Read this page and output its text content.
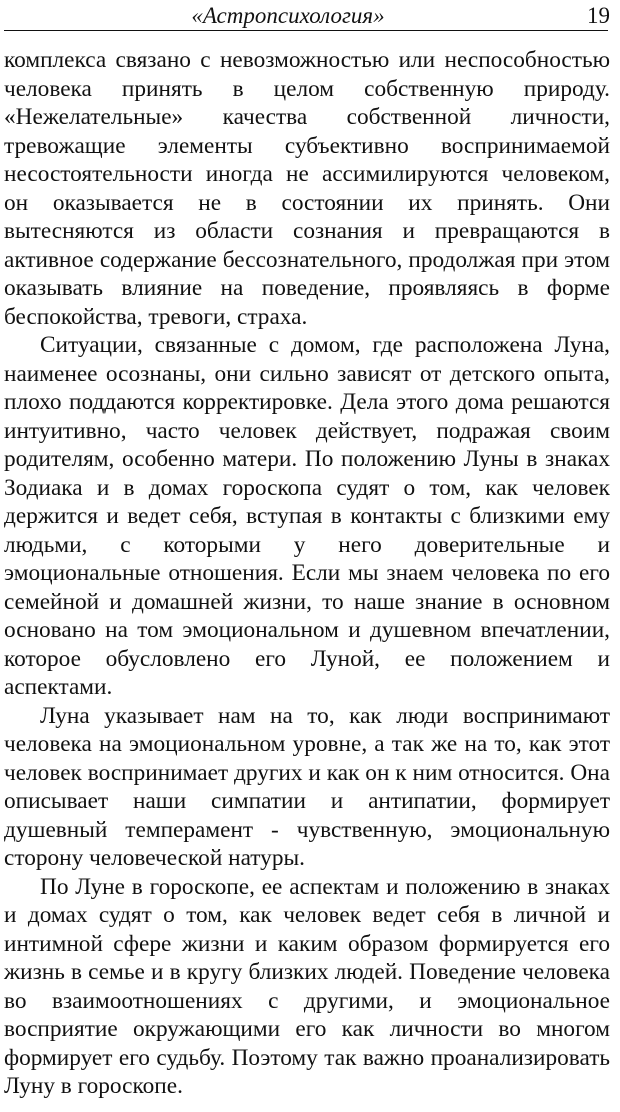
«Астропсихология»	19

комплекса связано с невозможностью или неспособностью человека принять в целом собственную природу. «Нежелательные» качества собственной личности, тревожащие элементы субъективно воспринимаемой несостоятельности иногда не ассимилируются человеком, он оказывается не в состоянии их принять. Они вытесняются из области сознания и превращаются в активное содержание бессознательного, продолжая при этом оказывать влияние на поведение, проявляясь в форме беспокойства, тревоги, страха.

Ситуации, связанные с домом, где расположена Луна, наименее осознаны, они сильно зависят от детского опыта, плохо поддаются корректировке. Дела этого дома решаются интуитивно, часто человек действует, подражая своим родителям, особенно матери. По положению Луны в знаках Зодиака и в домах гороскопа судят о том, как человек держится и ведет себя, вступая в контакты с близкими ему людьми, с которыми у него доверительные и эмоциональные отношения. Если мы знаем человека по его семейной и домашней жизни, то наше знание в основном основано на том эмоциональном и душевном впечатлении, которое обусловлено его Луной, ее положением и аспектами.

Луна указывает нам на то, как люди воспринимают человека на эмоциональном уровне, а так же на то, как этот человек воспринимает других и как он к ним относится. Она описывает наши симпатии и антипатии, формирует душевный темперамент - чувственную, эмоциональную сторону человеческой натуры.

По Луне в гороскопе, ее аспектам и положению в знаках и домах судят о том, как человек ведет себя в личной и интимной сфере жизни и каким образом формируется его жизнь в семье и в кругу близких людей. Поведение человека во взаимоотношениях с другими, и эмоциональное восприятие окружающими его как личности во многом формирует его судьбу. Поэтому так важно проанализировать Луну в гороскопе.
